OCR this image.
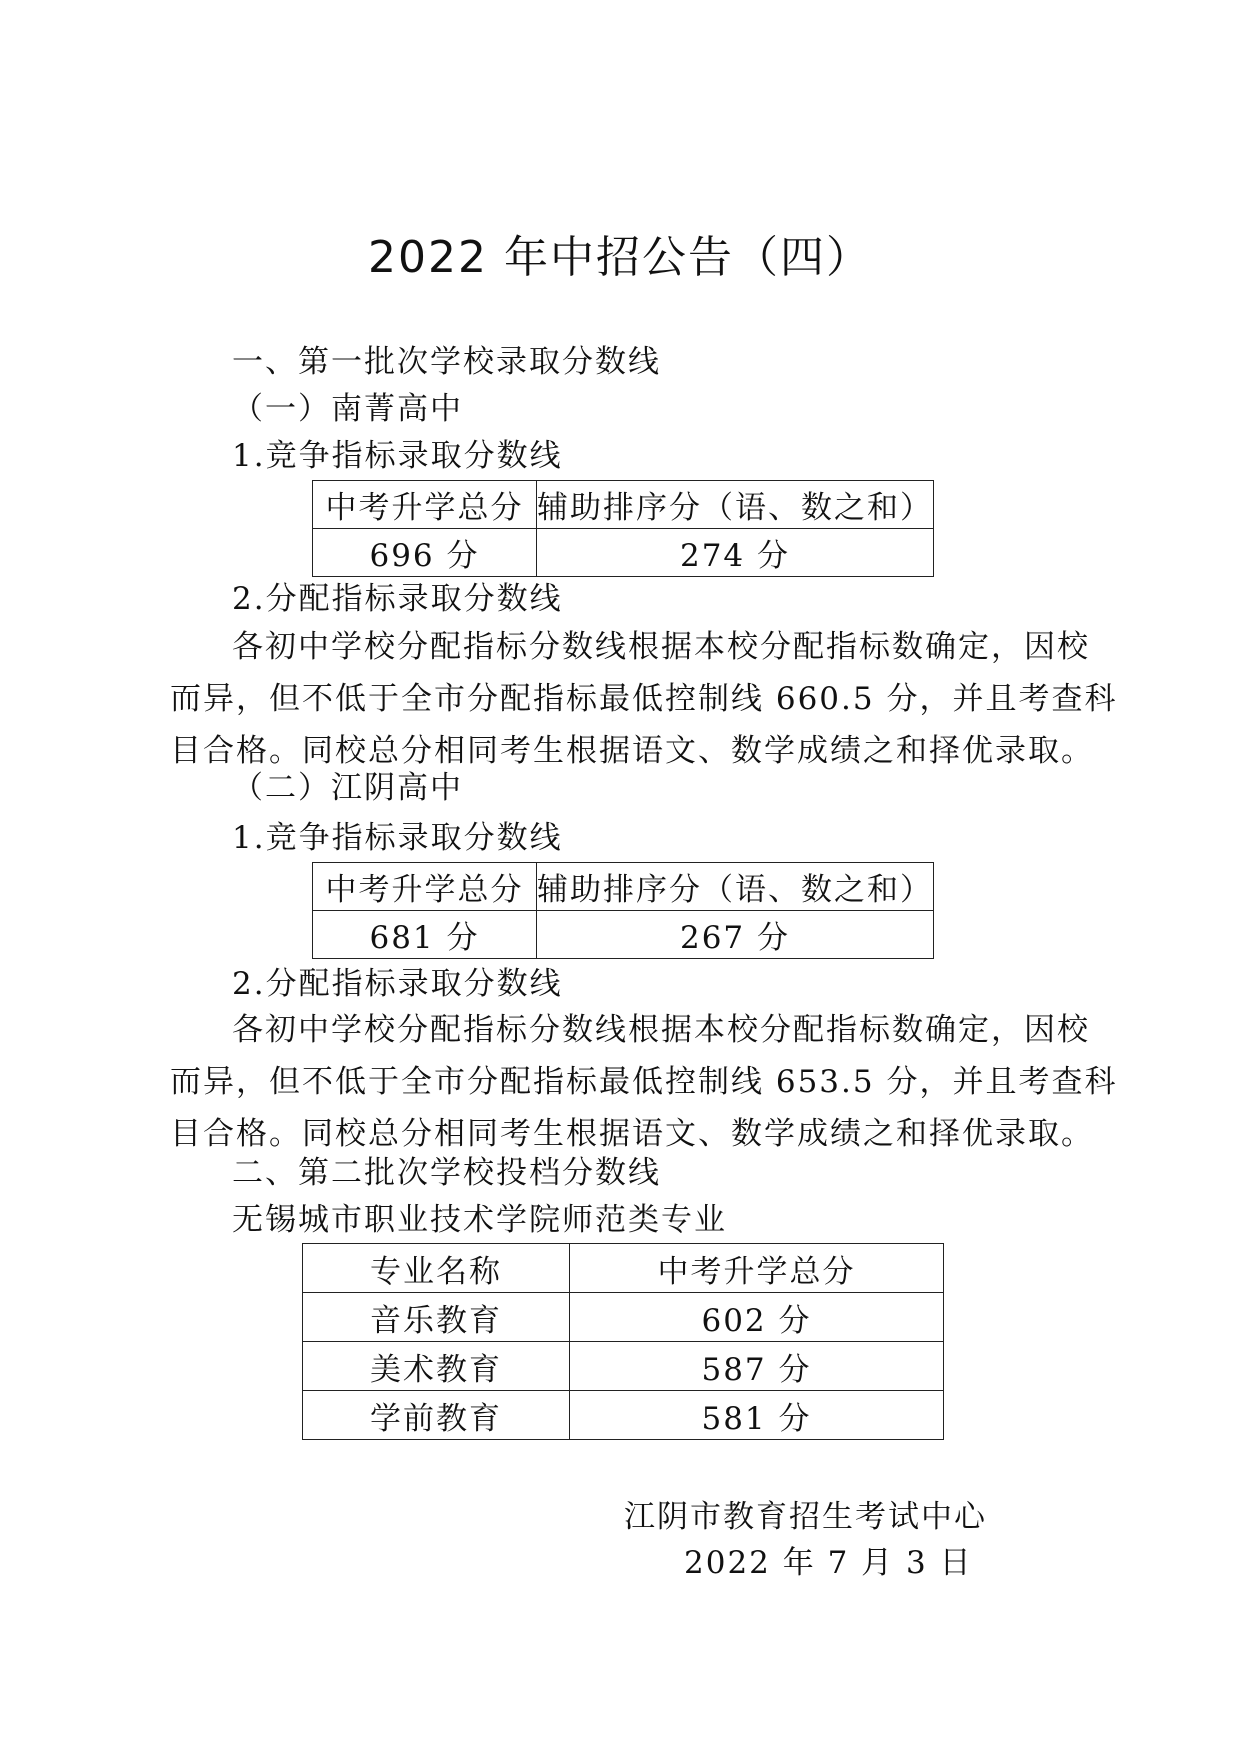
2022 年中招公告（四）
一、第一批次学校录取分数线
（一）南菁高中
1.竞争指标录取分数线
中考升学总分	辅助排序分（语、数之和）
696 分	274 分
2.分配指标录取分数线
各初中学校分配指标分数线根据本校分配指标数确定，因校
而异，但不低于全市分配指标最低控制线 660.5 分，并且考查科
目合格。同校总分相同考生根据语文、数学成绩之和择优录取。
（二）江阴高中
1.竞争指标录取分数线
中考升学总分	辅助排序分（语、数之和）
681 分	267 分
2.分配指标录取分数线
各初中学校分配指标分数线根据本校分配指标数确定，因校
而异，但不低于全市分配指标最低控制线 653.5 分，并且考查科
目合格。同校总分相同考生根据语文、数学成绩之和择优录取。
二、第二批次学校投档分数线
无锡城市职业技术学院师范类专业
专业名称	中考升学总分
音乐教育	602 分
美术教育	587 分
学前教育	581 分
江阴市教育招生考试中心
2022 年 7 月 3 日
